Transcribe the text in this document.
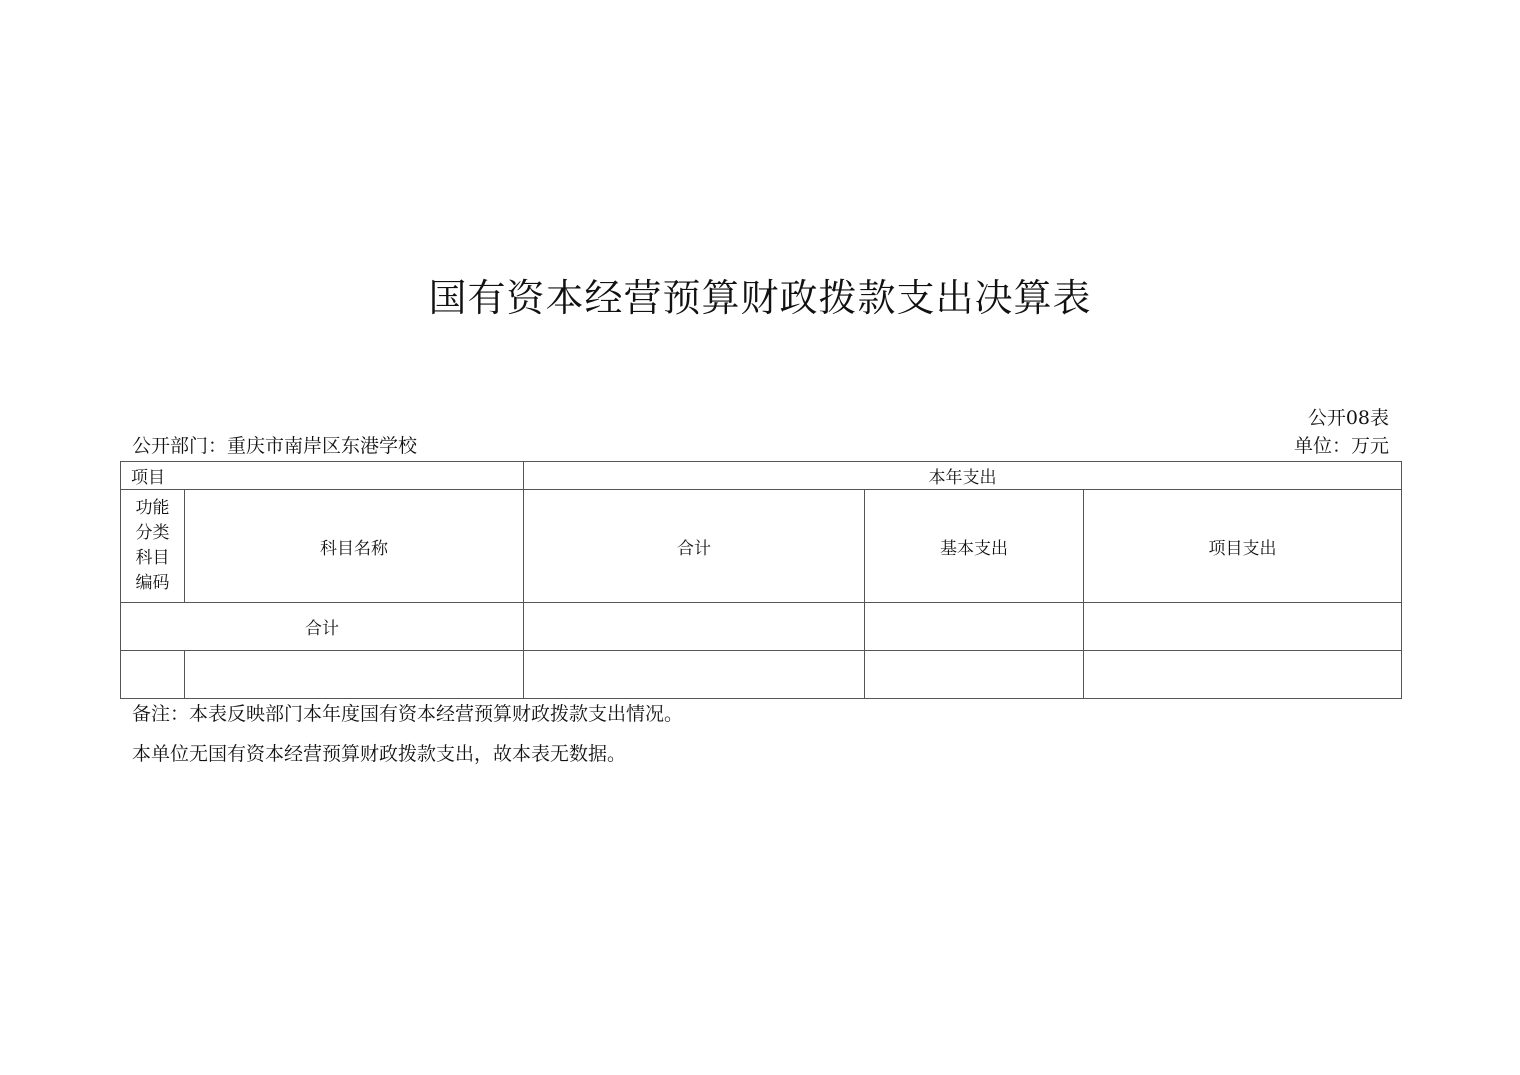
国有资本经营预算财政拨款支出决算表
公开08表
公开部门：重庆市南岸区东港学校	单位：万元
项目		本年支出		
功能分类科目编码	科目名称	合计	基本支出	项目支出
合计				

备注：本表反映部门本年度国有资本经营预算财政拨款支出情况。
本单位无国有资本经营预算财政拨款支出，故本表无数据。
